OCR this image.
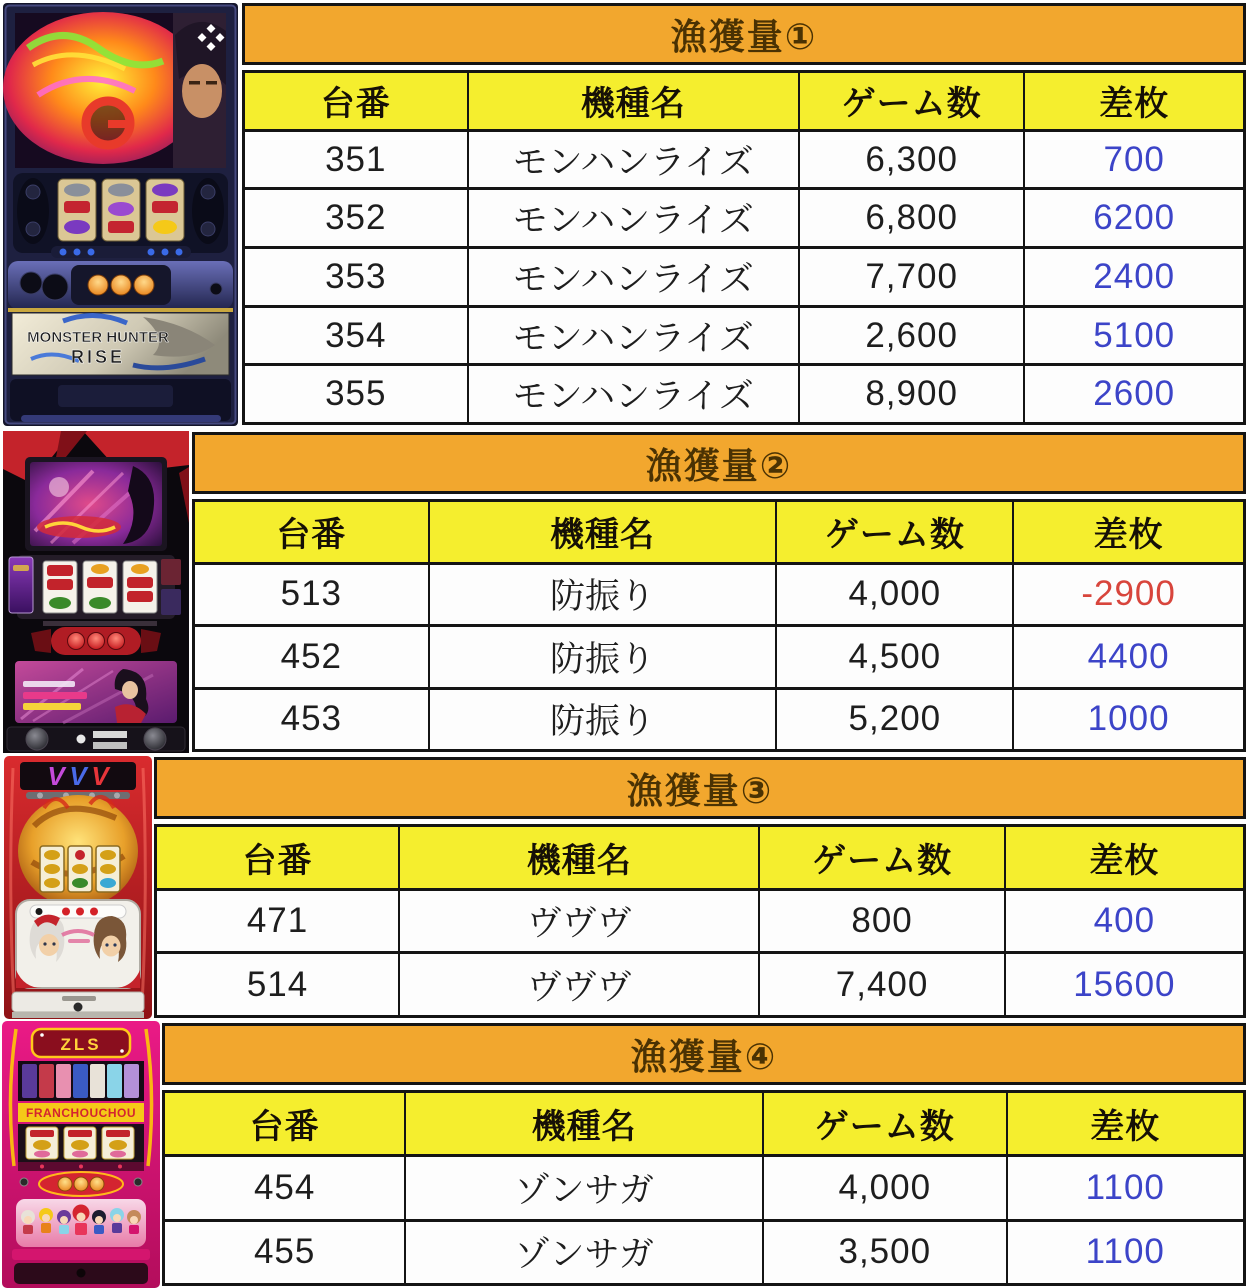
MONSTER HUNTER
RISE
V V V
ZLS
FRANCHOUCHOU
漁獲量①
台番	機種名	ゲーム数	差枚
351	モンハンライズ	6,300	700
352	モンハンライズ	6,800	6200
353	モンハンライズ	7,700	2400
354	モンハンライズ	2,600	5100
355	モンハンライズ	8,900	2600
漁獲量②
台番	機種名	ゲーム数	差枚
513	防振り	4,000	-2900
452	防振り	4,500	4400
453	防振り	5,200	1000
漁獲量③
台番	機種名	ゲーム数	差枚
471	ヴヴヴ	800	400
514	ヴヴヴ	7,400	15600
漁獲量④
台番	機種名	ゲーム数	差枚
454	ゾンサガ	4,000	1100
455	ゾンサガ	3,500	1100
